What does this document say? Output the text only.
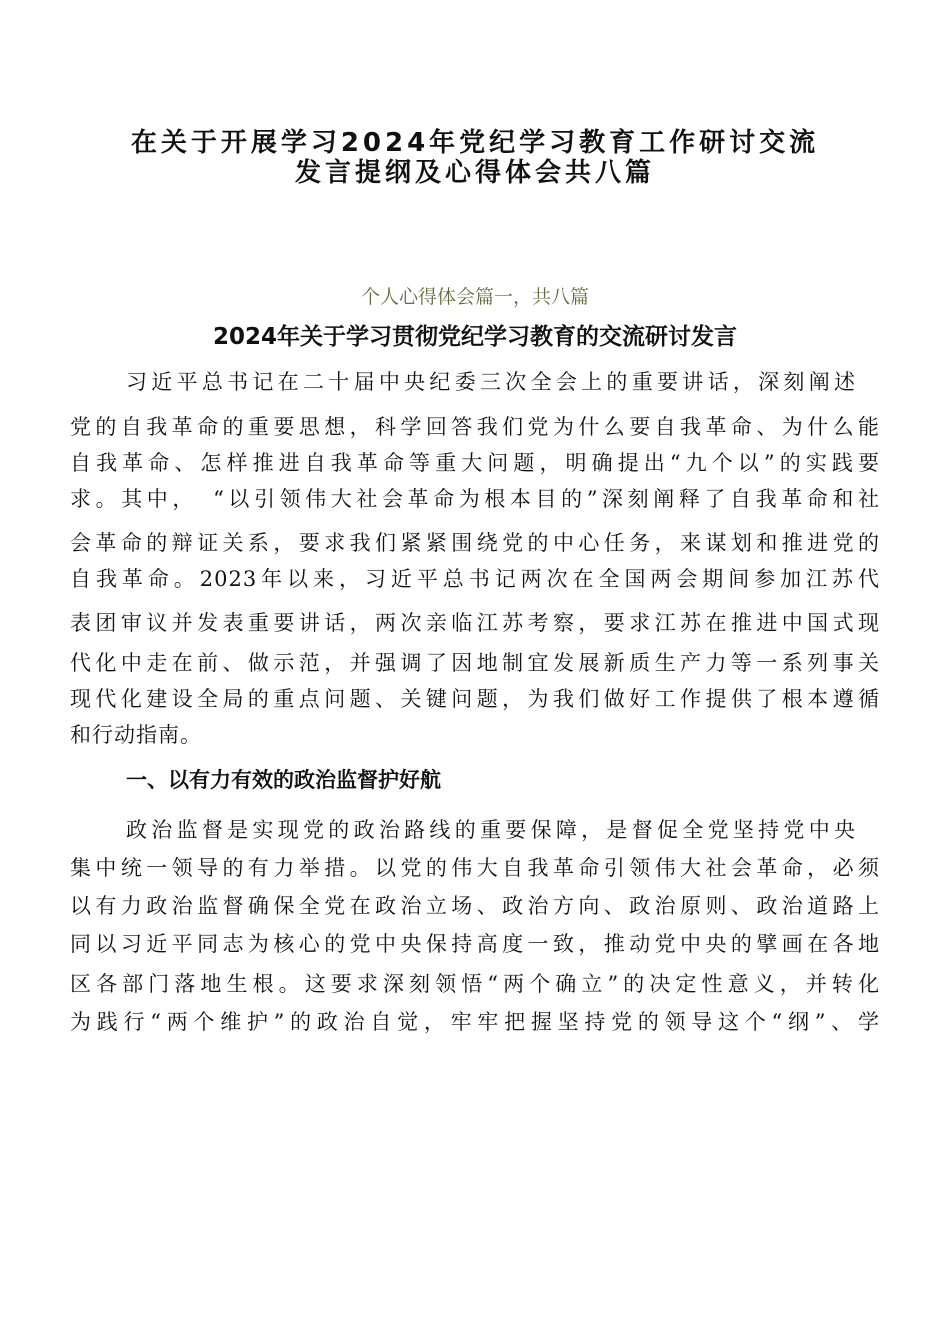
在关于开展学习2024年党纪学习教育工作研讨交流
发言提纲及心得体会共八篇
个人心得体会篇一，共八篇
2024年关于学习贯彻党纪学习教育的交流研讨发言
习近平总书记在二十届中央纪委三次全会上的重要讲话，深刻阐述
党的自我革命的重要思想，科学回答我们党为什么要自我革命、为什么能
自我革命、怎样推进自我革命等重大问题，明确提出“九个以”的实践要
求。其中，　“以引领伟大社会革命为根本目的”深刻阐释了自我革命和社
会革命的辩证关系，要求我们紧紧围绕党的中心任务，来谋划和推进党的
自我革命。2023年以来，习近平总书记两次在全国两会期间参加江苏代
表团审议并发表重要讲话，两次亲临江苏考察，要求江苏在推进中国式现
代化中走在前、做示范，并强调了因地制宜发展新质生产力等一系列事关
现代化建设全局的重点问题、关键问题，为我们做好工作提供了根本遵循
和行动指南。
一、以有力有效的政治监督护好航
政治监督是实现党的政治路线的重要保障，是督促全党坚持党中央
集中统一领导的有力举措。以党的伟大自我革命引领伟大社会革命，必须
以有力政治监督确保全党在政治立场、政治方向、政治原则、政治道路上
同以习近平同志为核心的党中央保持高度一致，推动党中央的擘画在各地
区各部门落地生根。这要求深刻领悟“两个确立”的决定性意义，并转化
为践行“两个维护”的政治自觉，牢牢把握坚持党的领导这个“纲”、学
